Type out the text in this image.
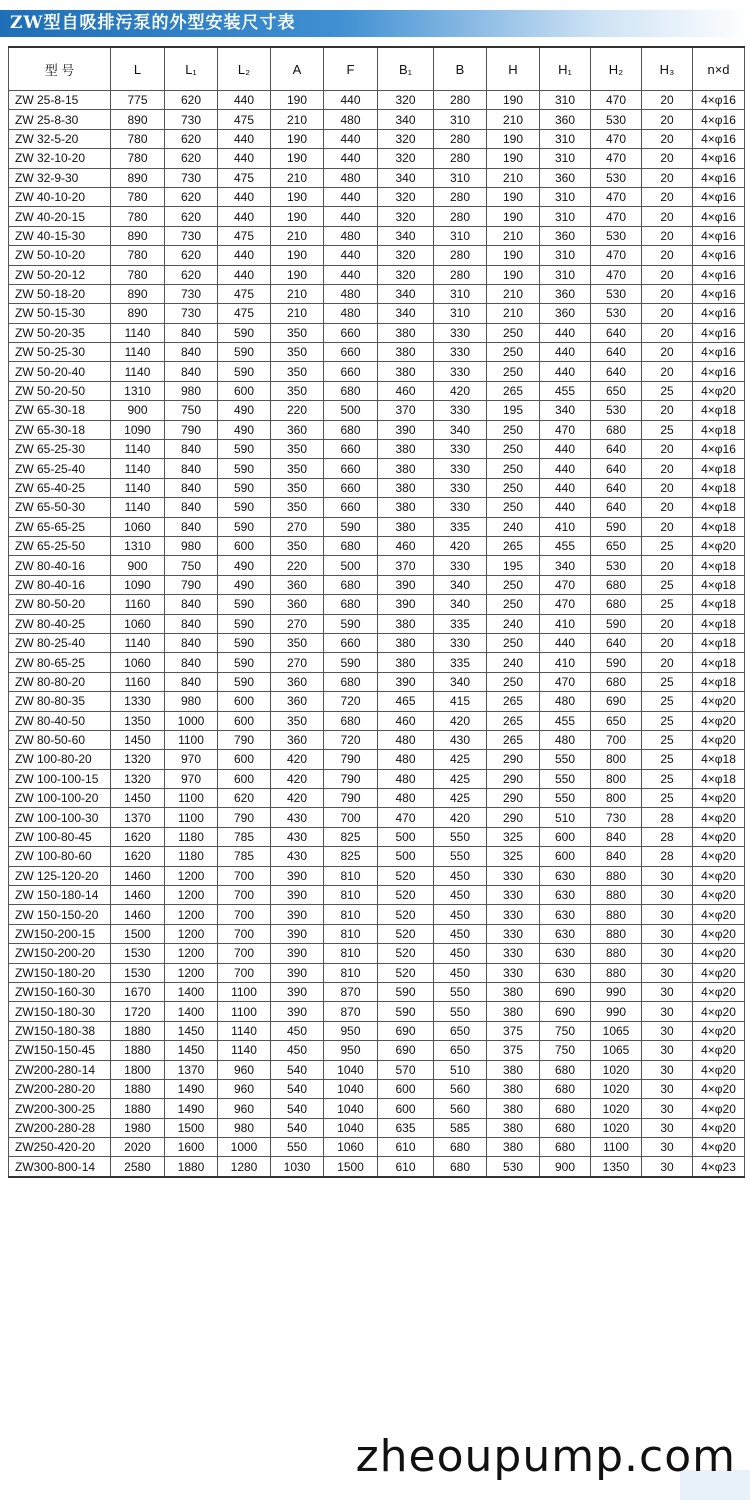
ZW型自吸排污泵的外型安装尺寸表
型 号	L	L₁	L₂	A	F	B₁	B	H	H₁	H₂	H₃	n×d
ZW 25-8-15	775	620	440	190	440	320	280	190	310	470	20	4×φ16
ZW 25-8-30	890	730	475	210	480	340	310	210	360	530	20	4×φ16
ZW 32-5-20	780	620	440	190	440	320	280	190	310	470	20	4×φ16
ZW 32-10-20	780	620	440	190	440	320	280	190	310	470	20	4×φ16
ZW 32-9-30	890	730	475	210	480	340	310	210	360	530	20	4×φ16
ZW 40-10-20	780	620	440	190	440	320	280	190	310	470	20	4×φ16
ZW 40-20-15	780	620	440	190	440	320	280	190	310	470	20	4×φ16
ZW 40-15-30	890	730	475	210	480	340	310	210	360	530	20	4×φ16
ZW 50-10-20	780	620	440	190	440	320	280	190	310	470	20	4×φ16
ZW 50-20-12	780	620	440	190	440	320	280	190	310	470	20	4×φ16
ZW 50-18-20	890	730	475	210	480	340	310	210	360	530	20	4×φ16
ZW 50-15-30	890	730	475	210	480	340	310	210	360	530	20	4×φ16
ZW 50-20-35	1140	840	590	350	660	380	330	250	440	640	20	4×φ16
ZW 50-25-30	1140	840	590	350	660	380	330	250	440	640	20	4×φ16
ZW 50-20-40	1140	840	590	350	660	380	330	250	440	640	20	4×φ16
ZW 50-20-50	1310	980	600	350	680	460	420	265	455	650	25	4×φ20
ZW 65-30-18	900	750	490	220	500	370	330	195	340	530	20	4×φ18
ZW 65-30-18	1090	790	490	360	680	390	340	250	470	680	25	4×φ18
ZW 65-25-30	1140	840	590	350	660	380	330	250	440	640	20	4×φ16
ZW 65-25-40	1140	840	590	350	660	380	330	250	440	640	20	4×φ18
ZW 65-40-25	1140	840	590	350	660	380	330	250	440	640	20	4×φ18
ZW 65-50-30	1140	840	590	350	660	380	330	250	440	640	20	4×φ18
ZW 65-65-25	1060	840	590	270	590	380	335	240	410	590	20	4×φ18
ZW 65-25-50	1310	980	600	350	680	460	420	265	455	650	25	4×φ20
ZW 80-40-16	900	750	490	220	500	370	330	195	340	530	20	4×φ18
ZW 80-40-16	1090	790	490	360	680	390	340	250	470	680	25	4×φ18
ZW 80-50-20	1160	840	590	360	680	390	340	250	470	680	25	4×φ18
ZW 80-40-25	1060	840	590	270	590	380	335	240	410	590	20	4×φ18
ZW 80-25-40	1140	840	590	350	660	380	330	250	440	640	20	4×φ18
ZW 80-65-25	1060	840	590	270	590	380	335	240	410	590	20	4×φ18
ZW 80-80-20	1160	840	590	360	680	390	340	250	470	680	25	4×φ18
ZW 80-80-35	1330	980	600	360	720	465	415	265	480	690	25	4×φ20
ZW 80-40-50	1350	1000	600	350	680	460	420	265	455	650	25	4×φ20
ZW 80-50-60	1450	1100	790	360	720	480	430	265	480	700	25	4×φ20
ZW 100-80-20	1320	970	600	420	790	480	425	290	550	800	25	4×φ18
ZW 100-100-15	1320	970	600	420	790	480	425	290	550	800	25	4×φ18
ZW 100-100-20	1450	1100	620	420	790	480	425	290	550	800	25	4×φ20
ZW 100-100-30	1370	1100	790	430	700	470	420	290	510	730	28	4×φ20
ZW 100-80-45	1620	1180	785	430	825	500	550	325	600	840	28	4×φ20
ZW 100-80-60	1620	1180	785	430	825	500	550	325	600	840	28	4×φ20
ZW 125-120-20	1460	1200	700	390	810	520	450	330	630	880	30	4×φ20
ZW 150-180-14	1460	1200	700	390	810	520	450	330	630	880	30	4×φ20
ZW 150-150-20	1460	1200	700	390	810	520	450	330	630	880	30	4×φ20
ZW150-200-15	1500	1200	700	390	810	520	450	330	630	880	30	4×φ20
ZW150-200-20	1530	1200	700	390	810	520	450	330	630	880	30	4×φ20
ZW150-180-20	1530	1200	700	390	810	520	450	330	630	880	30	4×φ20
ZW150-160-30	1670	1400	1100	390	870	590	550	380	690	990	30	4×φ20
ZW150-180-30	1720	1400	1100	390	870	590	550	380	690	990	30	4×φ20
ZW150-180-38	1880	1450	1140	450	950	690	650	375	750	1065	30	4×φ20
ZW150-150-45	1880	1450	1140	450	950	690	650	375	750	1065	30	4×φ20
ZW200-280-14	1800	1370	960	540	1040	570	510	380	680	1020	30	4×φ20
ZW200-280-20	1880	1490	960	540	1040	600	560	380	680	1020	30	4×φ20
ZW200-300-25	1880	1490	960	540	1040	600	560	380	680	1020	30	4×φ20
ZW200-280-28	1980	1500	980	540	1040	635	585	380	680	1020	30	4×φ20
ZW250-420-20	2020	1600	1000	550	1060	610	680	380	680	1100	30	4×φ20
ZW300-800-14	2580	1880	1280	1030	1500	610	680	530	900	1350	30	4×φ23
zheoupump.com
